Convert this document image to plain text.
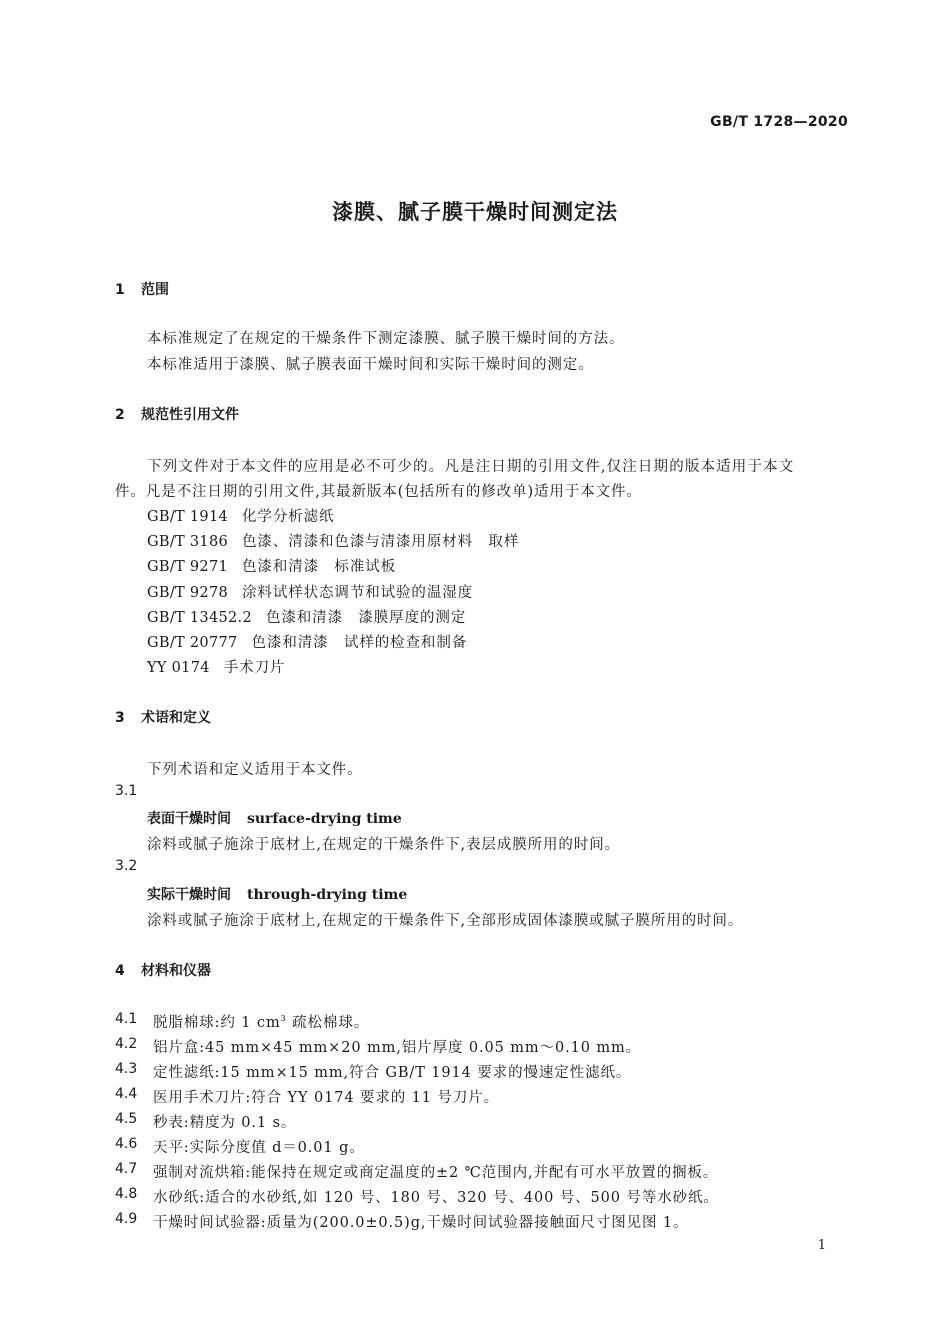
GB/T 1728—2020
漆膜、腻子膜干燥时间测定法
1 范围
本标准规定了在规定的干燥条件下测定漆膜、腻子膜干燥时间的方法。
本标准适用于漆膜、腻子膜表面干燥时间和实际干燥时间的测定。
2 规范性引用文件
下列文件对于本文件的应用是必不可少的。凡是注日期的引用文件,仅注日期的版本适用于本文
件。凡是不注日期的引用文件,其最新版本(包括所有的修改单)适用于本文件。
GB/T 1914 化学分析滤纸
GB/T 3186 色漆、清漆和色漆与清漆用原材料　取样
GB/T 9271 色漆和清漆　标准试板
GB/T 9278 涂料试样状态调节和试验的温湿度
GB/T 13452.2 色漆和清漆　漆膜厚度的测定
GB/T 20777 色漆和清漆　试样的检查和制备
YY 0174 手术刀片
3 术语和定义
下列术语和定义适用于本文件。
3.1
表面干燥时间 surface-drying time
涂料或腻子施涂于底材上,在规定的干燥条件下,表层成膜所用的时间。
3.2
实际干燥时间 through-drying time
涂料或腻子施涂于底材上,在规定的干燥条件下,全部形成固体漆膜或腻子膜所用的时间。
4 材料和仪器
4.1 脱脂棉球:约 1 $cm^3$ 疏松棉球。
4.2 铝片盒:45 mm×45 mm×20 mm,铝片厚度 0.05 mm～0.10 mm。
4.3 定性滤纸:15 mm×15 mm,符合 GB/T 1914 要求的慢速定性滤纸。
4.4 医用手术刀片:符合 YY 0174 要求的 11 号刀片。
4.5 秒表:精度为 0.1 s。
4.6 天平:实际分度值 d＝0.01 g。
4.7 强制对流烘箱:能保持在规定或商定温度的±2 ℃范围内,并配有可水平放置的搁板。
4.8 水砂纸:适合的水砂纸,如 120 号、180 号、320 号、400 号、500 号等水砂纸。
4.9 干燥时间试验器:质量为(200.0±0.5)g,干燥时间试验器接触面尺寸图见图 1。
1
